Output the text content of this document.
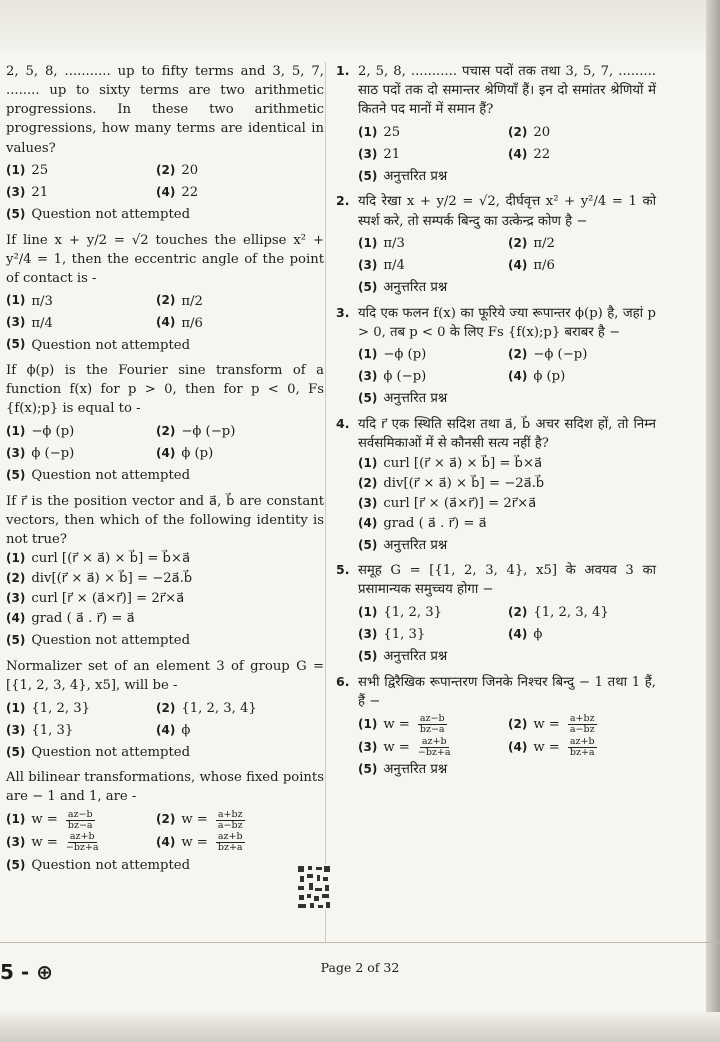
2, 5, 8, ........... up to fifty terms and 3, 5, 7, ........ up to sixty terms are two arithmetic progressions. In these two arithmetic progressions, how many terms are identical in values?
(1) 25	(2) 20
(3) 21	(4) 22
(5) Question not attempted
If line x + y/2 = √2 touches the ellipse x² + y²/4 = 1, then the eccentric angle of the point of contact is -
(1) π/3	(2) π/2
(3) π/4	(4) π/6
(5) Question not attempted
If ϕ(p) is the Fourier sine transform of a function f(x) for p > 0, then for p < 0, Fs {f(x);p} is equal to -
(1) −ϕ (p)	(2) −ϕ (−p)
(3) ϕ (−p)	(4) ϕ (p)
(5) Question not attempted
If r⃗ is the position vector and a⃗, b⃗ are constant vectors, then which of the following identity is not true?
(1) curl [(r⃗ × a⃗) × b⃗] = b⃗×a⃗
(2) div[(r⃗ × a⃗) × b⃗] = −2a⃗.b⃗
(3) curl [r⃗ × (a⃗×r⃗)] = 2r⃗×a⃗
(4) grad ( a⃗ . r⃗) = a⃗
(5) Question not attempted
Normalizer set of an element 3 of group G = [{1, 2, 3, 4}, x5], will be -
(1) {1, 2, 3}	(2) {1, 2, 3, 4}
(3) {1, 3}	(4) ϕ
(5) Question not attempted
All bilinear transformations, whose fixed points are − 1 and 1, are -
(1) $w = \frac{az-b}{bz-a}$	(2) $w = \frac{a+bz}{a-bz}$
(3) $w = \frac{az+b}{-bz+a}$	(4) $w = \frac{az+b}{bz+a}$
(5) Question not attempted
1. 2, 5, 8, ........... पचास पदों तक तथा 3, 5, 7, ......... साठ पदों तक दो समान्तर श्रेणियाँ हैं। इन दो समांतर श्रेणियों में कितने पद मानों में समान हैं?
(1) 25	(2) 20
(3) 21	(4) 22
(5) अनुत्तरित प्रश्न
2. यदि रेखा x + y/2 = √2, दीर्घवृत्त x² + y²/4 = 1 को स्पर्श करे, तो सम्पर्क बिन्दु का उत्केन्द्र कोण है −
(1) π/3	(2) π/2
(3) π/4	(4) π/6
(5) अनुत्तरित प्रश्न
3. यदि एक फलन f(x) का फूरिये ज्या रूपान्तर ϕ(p) है, जहां p > 0, तब p < 0 के लिए Fs {f(x);p} बराबर है −
(1) −ϕ (p)	(2) −ϕ (−p)
(3) ϕ (−p)	(4) ϕ (p)
(5) अनुत्तरित प्रश्न
4. यदि r⃗ एक स्थिति सदिश तथा a⃗, b⃗ अचर सदिश हों, तो निम्न सर्वसमिकाओं में से कौनसी सत्य नहीं है?
(1) curl [(r⃗ × a⃗) × b⃗] = b⃗×a⃗
(2) div[(r⃗ × a⃗) × b⃗] = −2a⃗.b⃗
(3) curl [r⃗ × (a⃗×r⃗)] = 2r⃗×a⃗
(4) grad ( a⃗ . r⃗) = a⃗
(5) अनुत्तरित प्रश्न
5. समूह G = [{1, 2, 3, 4}, x5] के अवयव 3 का प्रसामान्यक समुच्चय होगा −
(1) {1, 2, 3}	(2) {1, 2, 3, 4}
(3) {1, 3}	(4) ϕ
(5) अनुत्तरित प्रश्न
6. सभी द्विरैखिक रूपान्तरण जिनके निश्चर बिन्दु − 1 तथा 1 हैं, हैं −
(1) $w = \frac{az-b}{bz-a}$	(2) $w = \frac{a+bz}{a-bz}$
(3) $w = \frac{az+b}{-bz+a}$	(4) $w = \frac{az+b}{bz+a}$
(5) अनुत्तरित प्रश्न
5 - ⊕	Page 2 of 32
